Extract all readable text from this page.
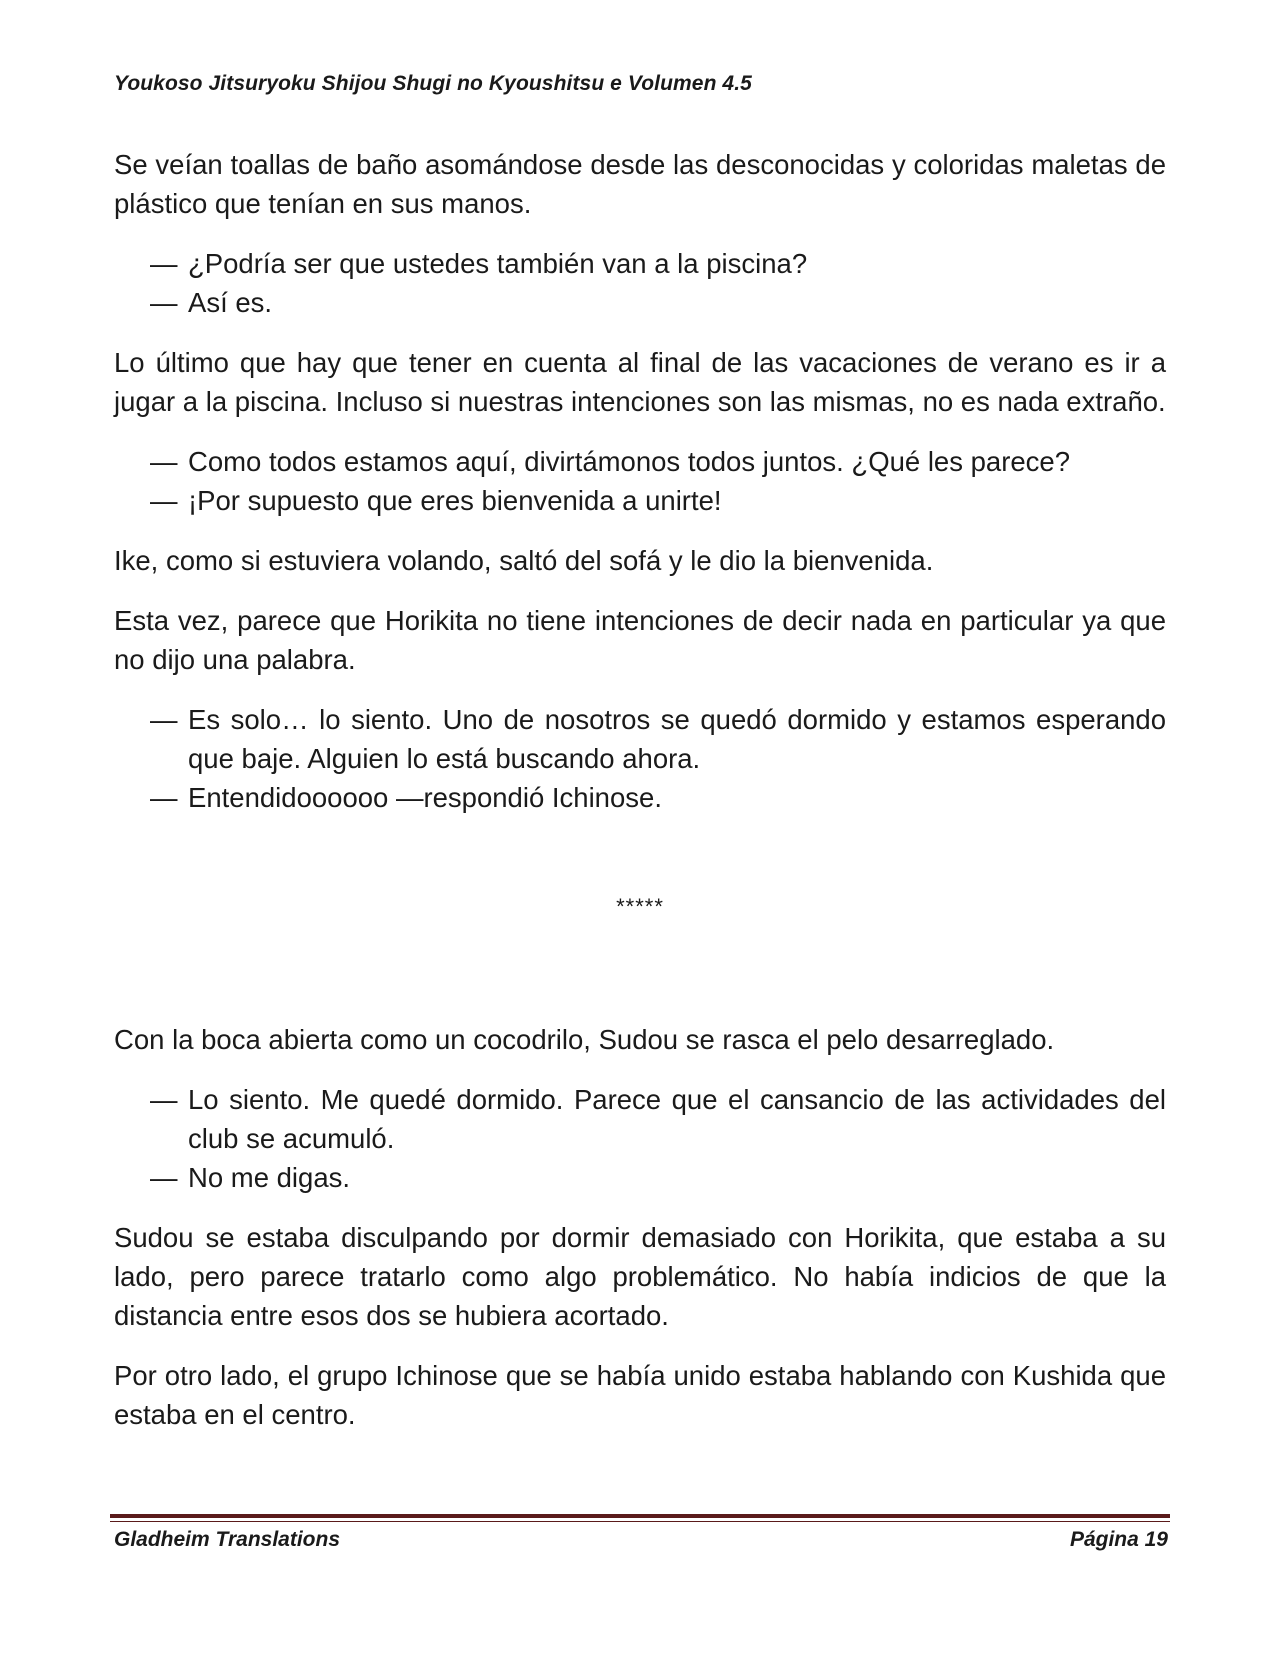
Youkoso Jitsuryoku Shijou Shugi no Kyoushitsu e Volumen 4.5

Se veían toallas de baño asomándose desde las desconocidas y coloridas maletas de plástico que tenían en sus manos.

— ¿Podría ser que ustedes también van a la piscina?

— Así es.

Lo último que hay que tener en cuenta al final de las vacaciones de verano es ir a jugar a la piscina. Incluso si nuestras intenciones son las mismas, no es nada extraño.

— Como todos estamos aquí, divirtámonos todos juntos. ¿Qué les parece?

— ¡Por supuesto que eres bienvenida a unirte!

Ike, como si estuviera volando, saltó del sofá y le dio la bienvenida.

Esta vez, parece que Horikita no tiene intenciones de decir nada en particular ya que no dijo una palabra.

— Es solo… lo siento. Uno de nosotros se quedó dormido y estamos esperando que baje. Alguien lo está buscando ahora.

— Entendidoooooo —respondió Ichinose.

*****

Con la boca abierta como un cocodrilo, Sudou se rasca el pelo desarreglado.

— Lo siento. Me quedé dormido. Parece que el cansancio de las actividades del club se acumuló.

— No me digas.

Sudou se estaba disculpando por dormir demasiado con Horikita, que estaba a su lado, pero parece tratarlo como algo problemático. No había indicios de que la distancia entre esos dos se hubiera acortado.

Por otro lado, el grupo Ichinose que se había unido estaba hablando con Kushida que estaba en el centro.

Gladheim Translations	Página 19
